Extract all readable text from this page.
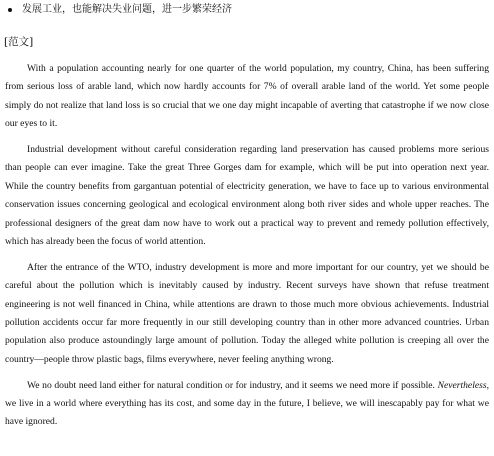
发展工业，也能解决失业问题，进一步繁荣经济
[范文]

With a population accounting nearly for one quarter of the world population, my country, China, has been suffering from serious loss of arable land, which now hardly accounts for 7% of overall arable land of the world. Yet some people simply do not realize that land loss is so crucial that we one day might incapable of averting that catastrophe if we now close our eyes to it.

Industrial development without careful consideration regarding land preservation has caused problems more serious than people can ever imagine. Take the great Three Gorges dam for example, which will be put into operation next year. While the country benefits from gargantuan potential of electricity generation, we have to face up to various environmental conservation issues concerning geological and ecological environment along both river sides and whole upper reaches. The professional designers of the great dam now have to work out a practical way to prevent and remedy pollution effectively, which has already been the focus of world attention.

After the entrance of the WTO, industry development is more and more important for our country, yet we should be careful about the pollution which is inevitably caused by industry. Recent surveys have shown that refuse treatment engineering is not well financed in China, while attentions are drawn to those much more obvious achievements. Industrial pollution accidents occur far more frequently in our still developing country than in other more advanced countries. Urban population also produce astoundingly large amount of pollution. Today the alleged white pollution is creeping all over the country—people throw plastic bags, films everywhere, never feeling anything wrong.

We no doubt need land either for natural condition or for industry, and it seems we need more if possible. Nevertheless, we live in a world where everything has its cost, and some day in the future, I believe, we will inescapably pay for what we have ignored.
